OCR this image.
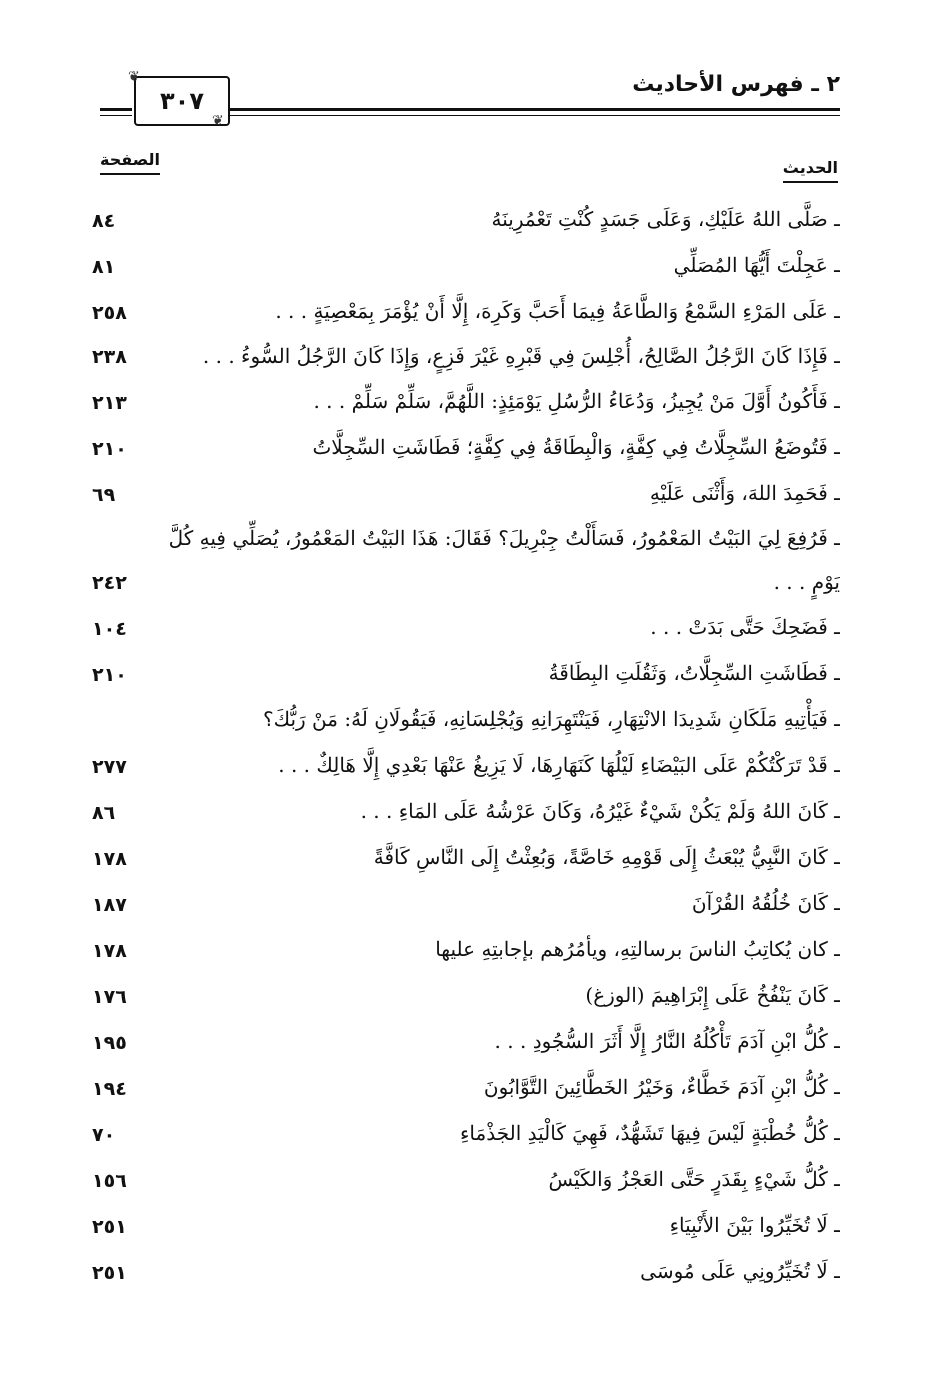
٢ ـ فهرس الأحاديث
٣٠٧
❦
❦
الصفحة	الحديث
ـ صَلَّى اللهُ عَلَيْكِ، وَعَلَى جَسَدٍ كُنْتِ تَعْمُرِينَهُ
٨٤
ـ عَجِلْتَ أَيُّهَا المُصَلِّي
٨١
ـ عَلَى المَرْءِ السَّمْعُ وَالطَّاعَةُ فِيمَا أَحَبَّ وَكَرِهَ، إِلَّا أَنْ يُؤْمَرَ بِمَعْصِيَةٍ . . .
٢٥٨
ـ فَإِذَا كَانَ الرَّجُلُ الصَّالِحُ، أُجْلِسَ فِي قَبْرِهِ غَيْرَ فَزِعٍ، وَإِذَا كَانَ الرَّجُلُ السُّوءُ . . .
٢٣٨
ـ فَأَكُونُ أَوَّلَ مَنْ يُجِيزُ، وَدُعَاءُ الرُّسُلِ يَوْمَئِذٍ: اللَّهُمَّ، سَلِّمْ سَلِّمْ . . .
٢١٣
ـ فَتُوضَعُ السِّجِلَّاتُ فِي كِفَّةٍ، وَالْبِطَاقَةُ فِي كِفَّةٍ؛ فَطَاشَتِ السِّجِلَّاتُ
٢١٠
ـ فَحَمِدَ اللهَ، وَأَثْنَى عَلَيْهِ
٦٩
ـ فَرُفِعَ لِيَ البَيْتُ المَعْمُورُ، فَسَأَلْتُ جِبْرِيلَ؟ فَقَالَ: هَذَا البَيْتُ المَعْمُورُ، يُصَلِّي فِيهِ كُلَّ يَوْمٍ . . .
٢٤٢
ـ فَضَحِكَ حَتَّى بَدَتْ . . .
١٠٤
ـ فَطَاشَتِ السِّجِلَّاتُ، وَثَقُلَتِ البِطَاقَةُ
٢١٠
ـ فَيَأْتِيهِ مَلَكَانِ شَدِيدَا الانْتِهَارِ، فَيَنْتَهِرَانِهِ وَيُجْلِسَانِهِ، فَيَقُولَانِ لَهُ: مَنْ رَبُّكَ؟
ـ قَدْ تَرَكْتُكُمْ عَلَى البَيْضَاءِ لَيْلُهَا كَنَهَارِهَا، لَا يَزِيغُ عَنْهَا بَعْدِي إِلَّا هَالِكٌ . . .
٢٧٧
ـ كَانَ اللهُ وَلَمْ يَكُنْ شَيْءٌ غَيْرُهُ، وَكَانَ عَرْشُهُ عَلَى المَاءِ . . .
٨٦
ـ كَانَ النَّبِيُّ يُبْعَثُ إِلَى قَوْمِهِ خَاصَّةً، وَبُعِثْتُ إِلَى النَّاسِ كَافَّةً
١٧٨
ـ كَانَ خُلُقُهُ القُرْآنَ
١٨٧
ـ كان يُكاتِبُ الناسَ برسالتِهِ، ويأمُرُهم بإجابتِهِ عليها
١٧٨
ـ كَانَ يَنْفُخُ عَلَى إِبْرَاهِيمَ (الوزغ)
١٧٦
ـ كُلُّ ابْنِ آدَمَ تَأْكُلُهُ النَّارُ إِلَّا أَثَرَ السُّجُودِ . . .
١٩٥
ـ كُلُّ ابْنِ آدَمَ خَطَّاءٌ، وَخَيْرُ الخَطَّائِينَ التَّوَّابُونَ
١٩٤
ـ كُلُّ خُطْبَةٍ لَيْسَ فِيهَا تَشَهُّدٌ، فَهِيَ كَالْيَدِ الجَذْمَاءِ
٧٠
ـ كُلُّ شَيْءٍ بِقَدَرٍ حَتَّى العَجْزُ وَالكَيْسُ
١٥٦
ـ لَا تُخَيِّرُوا بَيْنَ الأَنْبِيَاءِ
٢٥١
ـ لَا تُخَيِّرُونِي عَلَى مُوسَى
٢٥١
